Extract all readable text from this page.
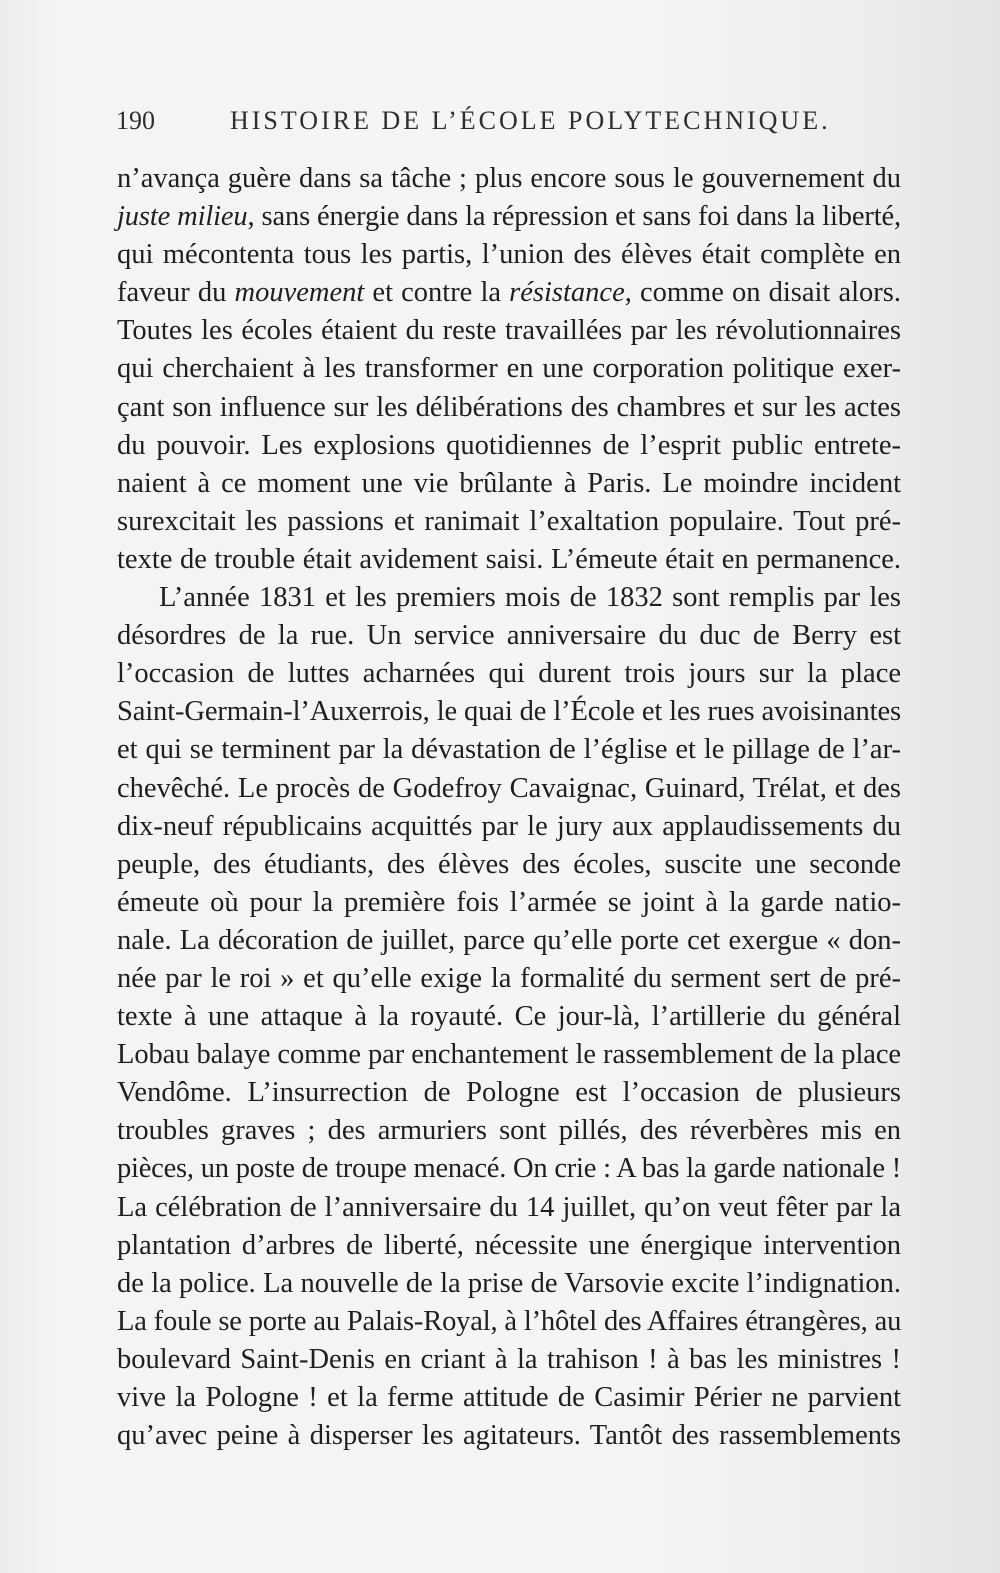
190	HISTOIRE DE L’ÉCOLE POLYTECHNIQUE.
n’avança guère dans sa tâche ; plus encore sous le gouvernement du
juste milieu, sans énergie dans la répression et sans foi dans la liberté,
qui mécontenta tous les partis, l’union des élèves était complète en
faveur du mouvement et contre la résistance, comme on disait alors.
Toutes les écoles étaient du reste travaillées par les révolutionnaires
qui cherchaient à les transformer en une corporation politique exer-
çant son influence sur les délibérations des chambres et sur les actes
du pouvoir. Les explosions quotidiennes de l’esprit public entrete-
naient à ce moment une vie brûlante à Paris. Le moindre incident
surexcitait les passions et ranimait l’exaltation populaire. Tout pré-
texte de trouble était avidement saisi. L’émeute était en permanence.
L’année 1831 et les premiers mois de 1832 sont remplis par les
désordres de la rue. Un service anniversaire du duc de Berry est
l’occasion de luttes acharnées qui durent trois jours sur la place
Saint-Germain-l’Auxerrois, le quai de l’École et les rues avoisinantes
et qui se terminent par la dévastation de l’église et le pillage de l’ar-
chevêché. Le procès de Godefroy Cavaignac, Guinard, Trélat, et des
dix-neuf républicains acquittés par le jury aux applaudissements du
peuple, des étudiants, des élèves des écoles, suscite une seconde
émeute où pour la première fois l’armée se joint à la garde natio-
nale. La décoration de juillet, parce qu’elle porte cet exergue « don-
née par le roi » et qu’elle exige la formalité du serment sert de pré-
texte à une attaque à la royauté. Ce jour-là, l’artillerie du général
Lobau balaye comme par enchantement le rassemblement de la place
Vendôme. L’insurrection de Pologne est l’occasion de plusieurs
troubles graves ; des armuriers sont pillés, des réverbères mis en
pièces, un poste de troupe menacé. On crie : A bas la garde nationale !
La célébration de l’anniversaire du 14 juillet, qu’on veut fêter par la
plantation d’arbres de liberté, nécessite une énergique intervention
de la police. La nouvelle de la prise de Varsovie excite l’indignation.
La foule se porte au Palais-Royal, à l’hôtel des Affaires étrangères, au
boulevard Saint-Denis en criant à la trahison ! à bas les ministres !
vive la Pologne ! et la ferme attitude de Casimir Périer ne parvient
qu’avec peine à disperser les agitateurs. Tantôt des rassemblements
